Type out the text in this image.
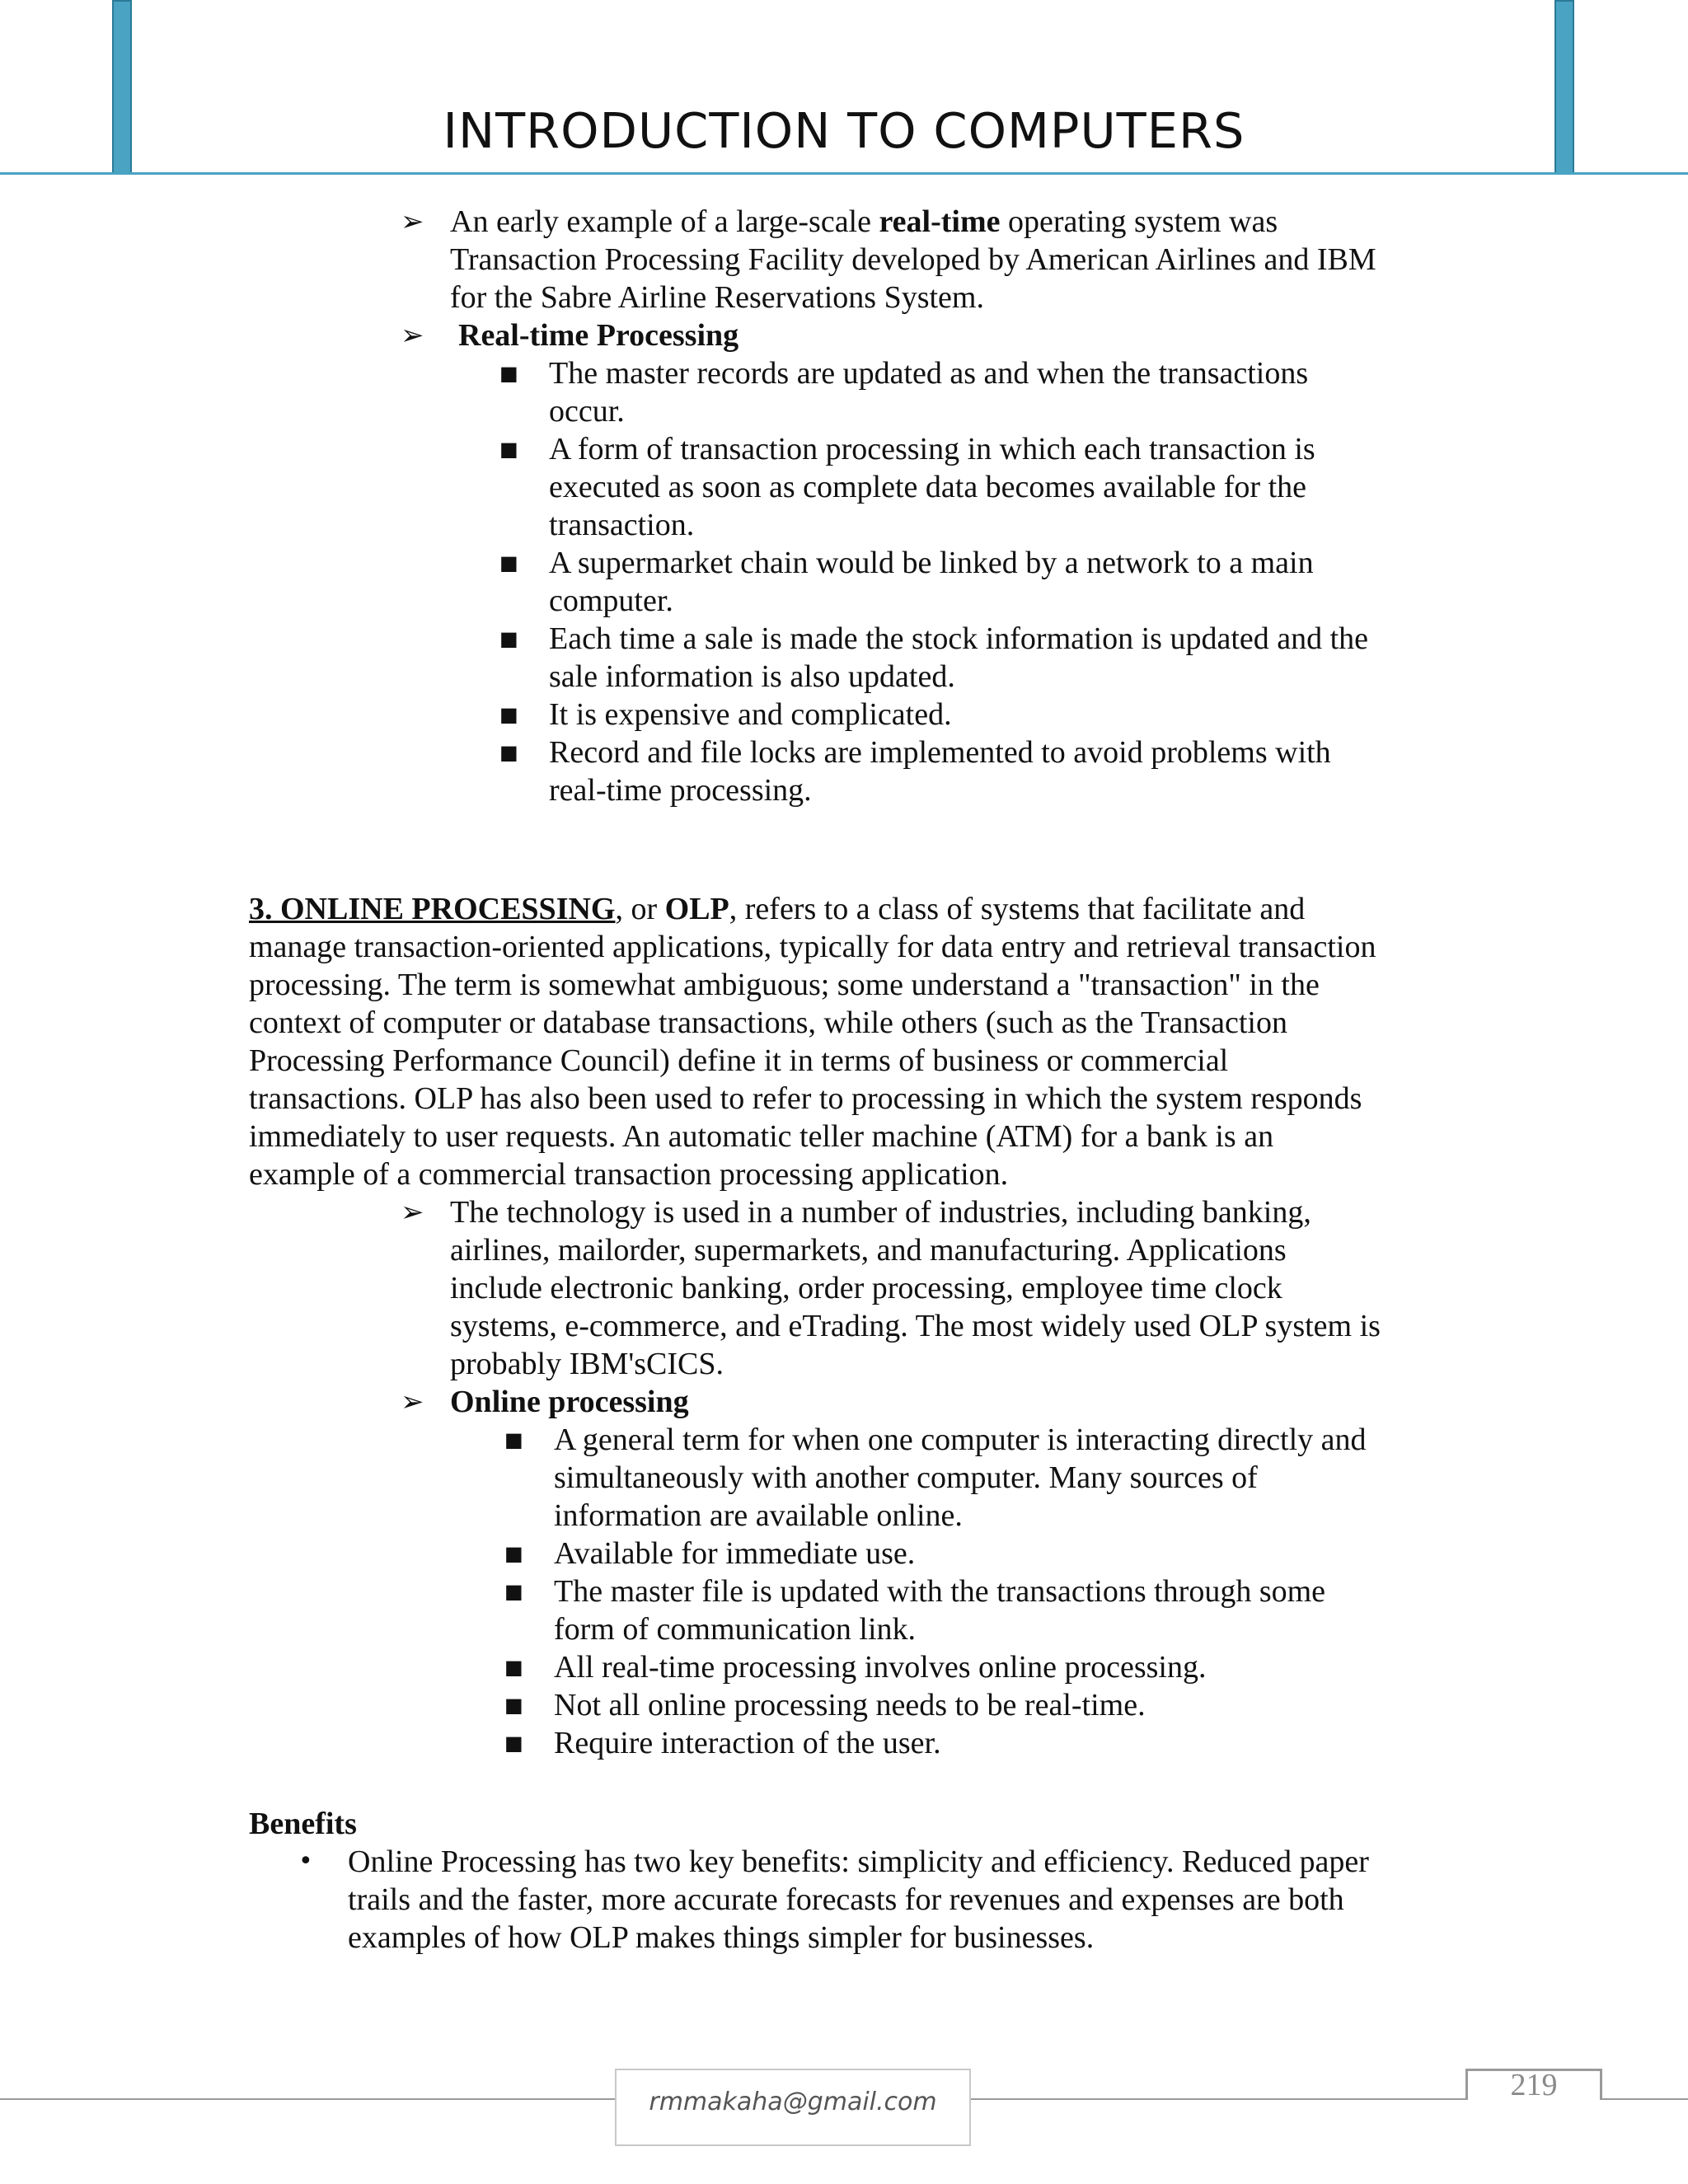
INTRODUCTION TO COMPUTERS
➢ An early example of a large-scale real-time operating system was
Transaction Processing Facility developed by American Airlines and IBM
for the Sabre Airline Reservations System.
➢ Real-time Processing
■ The master records are updated as and when the transactions
occur.
■ A form of transaction processing in which each transaction is
executed as soon as complete data becomes available for the
transaction.
■ A supermarket chain would be linked by a network to a main
computer.
■ Each time a sale is made the stock information is updated and the
sale information is also updated.
■ It is expensive and complicated.
■ Record and file locks are implemented to avoid problems with
real-time processing.
3. ONLINE PROCESSING, or OLP, refers to a class of systems that facilitate and
manage transaction-oriented applications, typically for data entry and retrieval transaction
processing. The term is somewhat ambiguous; some understand a "transaction" in the
context of computer or database transactions, while others (such as the Transaction
Processing Performance Council) define it in terms of business or commercial
transactions. OLP has also been used to refer to processing in which the system responds
immediately to user requests. An automatic teller machine (ATM) for a bank is an
example of a commercial transaction processing application.
➢ The technology is used in a number of industries, including banking,
airlines, mailorder, supermarkets, and manufacturing. Applications
include electronic banking, order processing, employee time clock
systems, e-commerce, and eTrading. The most widely used OLP system is
probably IBM'sCICS.
➢ Online processing
■ A general term for when one computer is interacting directly and
simultaneously with another computer. Many sources of
information are available online.
■ Available for immediate use.
■ The master file is updated with the transactions through some
form of communication link.
■ All real-time processing involves online processing.
■ Not all online processing needs to be real-time.
■ Require interaction of the user.
Benefits
• Online Processing has two key benefits: simplicity and efficiency. Reduced paper
trails and the faster, more accurate forecasts for revenues and expenses are both
examples of how OLP makes things simpler for businesses.
rmmakaha@gmail.com	219
